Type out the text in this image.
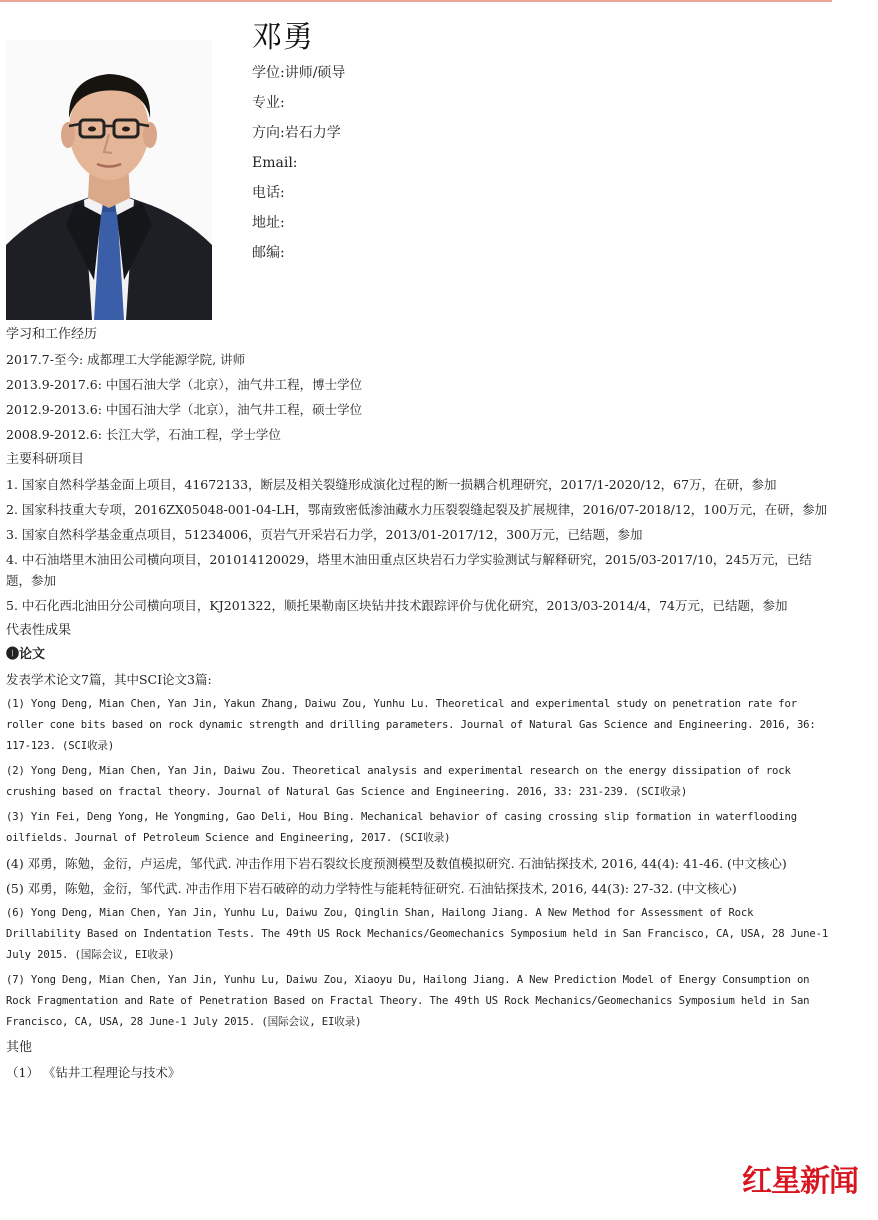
邓勇
学位:讲师/硕导
专业:
方向:岩石力学
Email:
电话:
地址:
邮编:
学习和工作经历
2017.7-至今: 成都理工大学能源学院, 讲师
2013.9-2017.6: 中国石油大学（北京），油气井工程，博士学位
2012.9-2013.6: 中国石油大学（北京），油气井工程，硕士学位
2008.9-2012.6: 长江大学，石油工程，学士学位
主要科研项目
1. 国家自然科学基金面上项目，41672133，断层及相关裂缝形成演化过程的断一损耦合机理研究，2017/1-2020/12，67万，在研，参加
2. 国家科技重大专项，2016ZX05048-001-04-LH，鄂南致密低渗油藏水力压裂裂缝起裂及扩展规律，2016/07-2018/12，100万元，在研，参加
3. 国家自然科学基金重点项目，51234006，页岩气开采岩石力学，2013/01-2017/12，300万元，已结题，参加
4. 中石油塔里木油田公司横向项目，201014120029，塔里木油田重点区块岩石力学实验测试与解释研究，2015/03-2017/10，245万元，已结题，参加
5. 中石化西北油田分公司横向项目，KJ201322，顺托果勒南区块钻井技术跟踪评价与优化研究，2013/03-2014/4，74万元，已结题，参加
代表性成果
❶论文
发表学术论文7篇，其中SCI论文3篇:
(1) Yong Deng, Mian Chen, Yan Jin, Yakun Zhang, Daiwu Zou, Yunhu Lu. Theoretical and experimental study on penetration rate for roller cone bits based on rock dynamic strength and drilling parameters. Journal of Natural Gas Science and Engineering. 2016, 36: 117-123. (SCI收录)
(2) Yong Deng, Mian Chen, Yan Jin, Daiwu Zou. Theoretical analysis and experimental research on the energy dissipation of rock crushing based on fractal theory. Journal of Natural Gas Science and Engineering. 2016, 33: 231-239. (SCI收录)
(3) Yin Fei, Deng Yong, He Yongming, Gao Deli, Hou Bing. Mechanical behavior of casing crossing slip formation in waterflooding oilfields. Journal of Petroleum Science and Engineering, 2017. (SCI收录)
(4) 邓勇，陈勉，金衍，卢运虎，邹代武. 冲击作用下岩石裂纹长度预测模型及数值模拟研究. 石油钻探技术, 2016, 44(4): 41-46. (中文核心)
(5) 邓勇，陈勉，金衍，邹代武. 冲击作用下岩石破碎的动力学特性与能耗特征研究. 石油钻探技术, 2016, 44(3): 27-32. (中文核心)
(6) Yong Deng, Mian Chen, Yan Jin, Yunhu Lu, Daiwu Zou, Qinglin Shan, Hailong Jiang. A New Method for Assessment of Rock Drillability Based on Indentation Tests. The 49th US Rock Mechanics/Geomechanics Symposium held in San Francisco, CA, USA, 28 June-1 July 2015. (国际会议, EI收录)
(7) Yong Deng, Mian Chen, Yan Jin, Yunhu Lu, Daiwu Zou, Xiaoyu Du, Hailong Jiang. A New Prediction Model of Energy Consumption on Rock Fragmentation and Rate of Penetration Based on Fractal Theory. The 49th US Rock Mechanics/Geomechanics Symposium held in San Francisco, CA, USA, 28 June-1 July 2015. (国际会议, EI收录)
其他
（1） 《钻井工程理论与技术》
红星新闻
